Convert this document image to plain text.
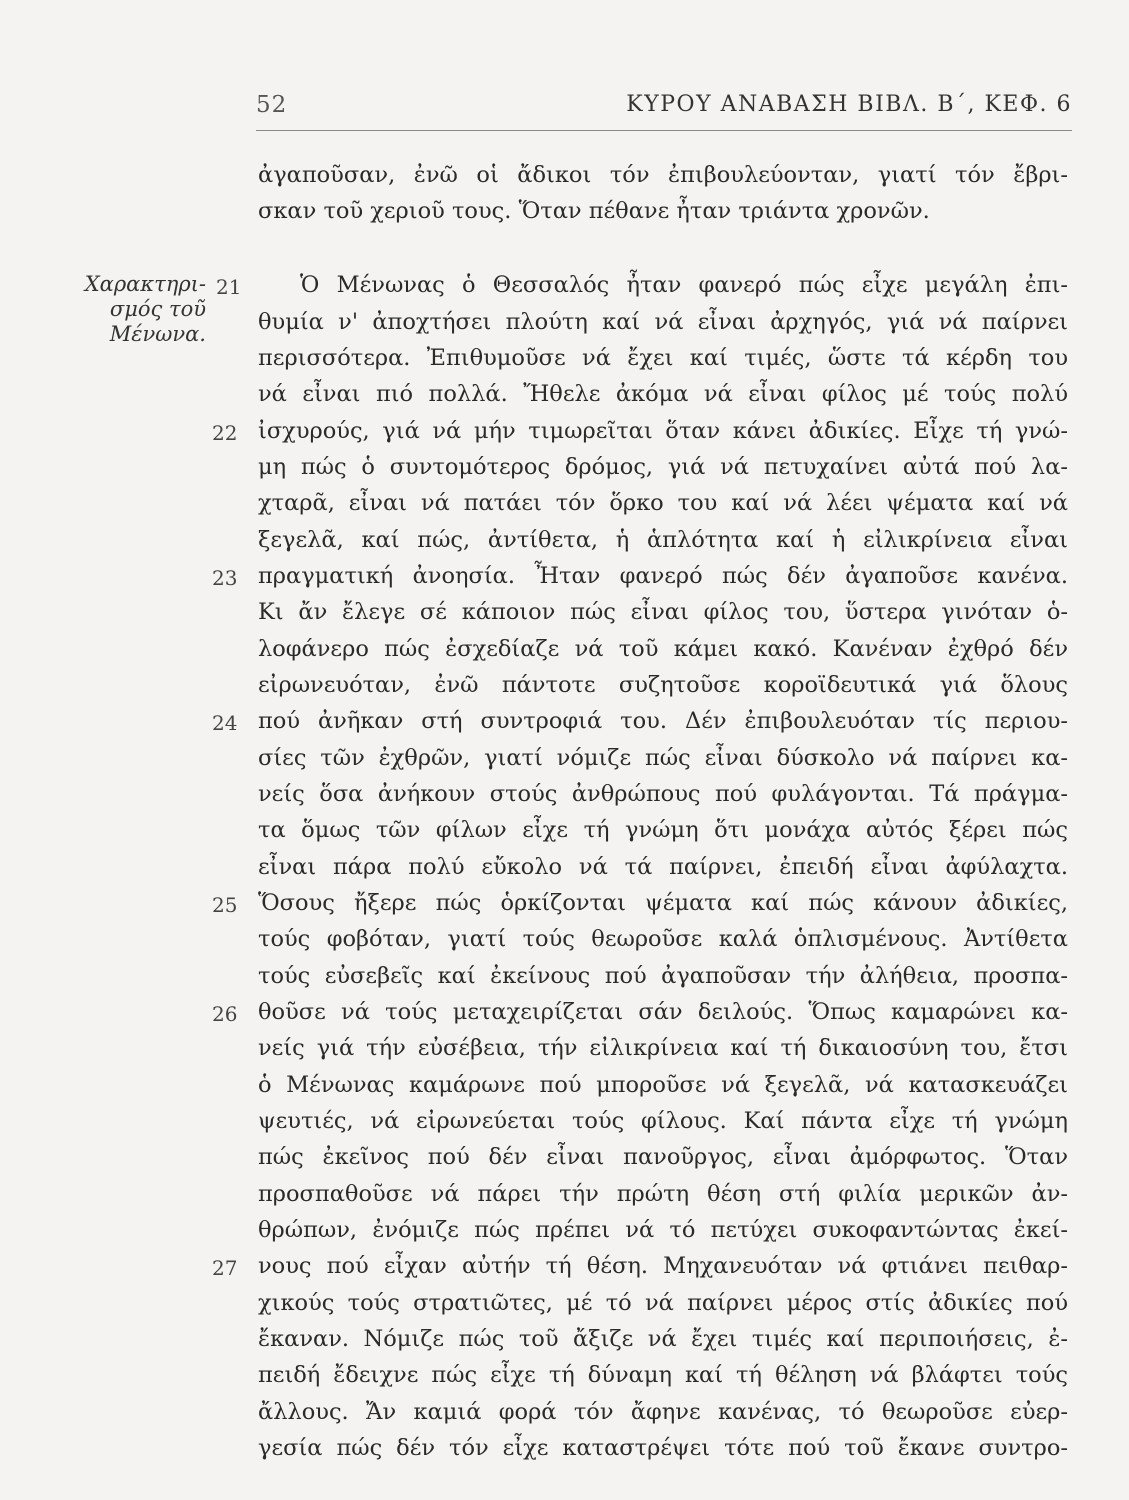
52	ΚΥΡΟΥ ΑΝΑΒΑΣΗ ΒΙΒΛ. Β΄, ΚΕΦ. 6
Χαρακτηρι-
σμός τοῦ
Μένωνα.
ἀγαποῦσαν, ἐνῶ οἱ ἄδικοι τόν ἐπιβουλεύονταν, γιατί τόν ἔβρι-
σκαν τοῦ χεριοῦ τους. Ὅταν πέθανε ἦταν τριάντα χρονῶν.
Ὁ Μένωνας ὁ Θεσσαλός ἦταν φανερό πώς εἶχε μεγάλη ἐπι-
θυμία ν' ἀποχτήσει πλούτη καί νά εἶναι ἀρχηγός, γιά νά παίρνει
περισσότερα. Ἐπιθυμοῦσε νά ἔχει καί τιμές, ὥστε τά κέρδη του
νά εἶναι πιό πολλά. Ἤθελε ἀκόμα νά εἶναι φίλος μέ τούς πολύ
ἰσχυρούς, γιά νά μήν τιμωρεῖται ὅταν κάνει ἀδικίες. Εἶχε τή γνώ-
μη πώς ὁ συντομότερος δρόμος, γιά νά πετυχαίνει αὐτά πού λα-
χταρᾶ, εἶναι νά πατάει τόν ὅρκο του καί νά λέει ψέματα καί νά
ξεγελᾶ, καί πώς, ἀντίθετα, ἡ ἁπλότητα καί ἡ εἰλικρίνεια εἶναι
πραγματική ἀνοησία. Ἦταν φανερό πώς δέν ἀγαποῦσε κανένα.
Κι ἄν ἔλεγε σέ κάποιον πώς εἶναι φίλος του, ὕστερα γινόταν ὁ-
λοφάνερο πώς ἐσχεδίαζε νά τοῦ κάμει κακό. Κανέναν ἐχθρό δέν
εἰρωνευόταν, ἐνῶ πάντοτε συζητοῦσε κοροϊδευτικά γιά ὅλους
πού ἀνῆκαν στή συντροφιά του. Δέν ἐπιβουλευόταν τίς περιου-
σίες τῶν ἐχθρῶν, γιατί νόμιζε πώς εἶναι δύσκολο νά παίρνει κα-
νείς ὅσα ἀνήκουν στούς ἀνθρώπους πού φυλάγονται. Τά πράγμα-
τα ὅμως τῶν φίλων εἶχε τή γνώμη ὅτι μονάχα αὐτός ξέρει πώς
εἶναι πάρα πολύ εὔκολο νά τά παίρνει, ἐπειδή εἶναι ἀφύλαχτα.
Ὅσους ἤξερε πώς ὁρκίζονται ψέματα καί πώς κάνουν ἀδικίες,
τούς φοβόταν, γιατί τούς θεωροῦσε καλά ὁπλισμένους. Ἀντίθετα
τούς εὐσεβεῖς καί ἐκείνους πού ἀγαποῦσαν τήν ἀλήθεια, προσπα-
θοῦσε νά τούς μεταχειρίζεται σάν δειλούς. Ὅπως καμαρώνει κα-
νείς γιά τήν εὐσέβεια, τήν εἰλικρίνεια καί τή δικαιοσύνη του, ἔτσι
ὁ Μένωνας καμάρωνε πού μποροῦσε νά ξεγελᾶ, νά κατασκευάζει
ψευτιές, νά εἰρωνεύεται τούς φίλους. Καί πάντα εἶχε τή γνώμη
πώς ἐκεῖνος πού δέν εἶναι πανοῦργος, εἶναι ἀμόρφωτος. Ὅταν
προσπαθοῦσε νά πάρει τήν πρώτη θέση στή φιλία μερικῶν ἀν-
θρώπων, ἐνόμιζε πώς πρέπει νά τό πετύχει συκοφαντώντας ἐκεί-
νους πού εἶχαν αὐτήν τή θέση. Μηχανευόταν νά φτιάνει πειθαρ-
χικούς τούς στρατιῶτες, μέ τό νά παίρνει μέρος στίς ἀδικίες πού
ἔκαναν. Νόμιζε πώς τοῦ ἄξιζε νά ἔχει τιμές καί περιποιήσεις, ἐ-
πειδή ἔδειχνε πώς εἶχε τή δύναμη καί τή θέληση νά βλάφτει τούς
ἄλλους. Ἄν καμιά φορά τόν ἄφηνε κανένας, τό θεωροῦσε εὐερ-
γεσία πώς δέν τόν εἶχε καταστρέψει τότε πού τοῦ ἔκανε συντρο-
21
22
23
24
25
26
27
